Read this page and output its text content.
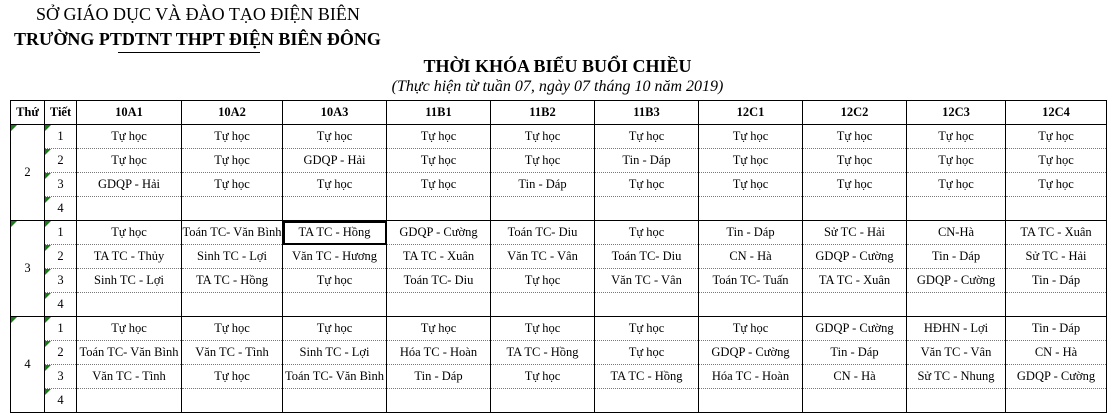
SỞ GIÁO DỤC VÀ ĐÀO TẠO ĐIỆN BIÊN
TRƯỜNG PTDTNT THPT ĐIỆN BIÊN ĐÔNG
THỜI KHÓA BIỂU BUỔI CHIỀU
(Thực hiện từ tuần 07, ngày 07 tháng 10 năm 2019)
Thứ	Tiết	10A1	10A2	10A3	11B1	11B2	11B3	12C1	12C2	12C3	12C4

2	1	Tự học	Tự học	Tự học	Tự học	Tự học	Tự học	Tự học	Tự học	Tự học	Tự học

2	Tự học	Tự học	GDQP - Hải	Tự học	Tự học	Tin - Dáp	Tự học	Tự học	Tự học	Tự học

3	GDQP - Hải	Tự học	Tự học	Tự học	Tin - Dáp	Tự học	Tự học	Tự học	Tự học	Tự học

4										

3	1	Tự học	Toán TC- Văn Bình	TA TC - Hồng	GDQP - Cường	Toán TC- Diu	Tự học	Tin - Dáp	Sử TC - Hải	CN-Hà	TA TC - Xuân

2	TA TC - Thủy	Sinh TC - Lợi	Văn TC - Hương	TA TC - Xuân	Văn TC - Vân	Toán TC- Diu	CN - Hà	GDQP - Cường	Tin - Dáp	Sử TC - Hải

3	Sinh TC - Lợi	TA TC - Hồng	Tự học	Toán TC- Diu	Tự học	Văn TC - Vân	Toán TC- Tuấn	TA TC - Xuân	GDQP - Cường	Tin - Dáp

4										

4	1	Tự học	Tự học	Tự học	Tự học	Tự học	Tự học	Tự học	GDQP - Cường	HĐHN - Lợi	Tin - Dáp

2	Toán TC- Văn Bình	Văn TC - Tình	Sinh TC - Lợi	Hóa TC - Hoàn	TA TC - Hồng	Tự học	GDQP - Cường	Tin - Dáp	Văn TC - Vân	CN - Hà

3	Văn TC - Tình	Tự học	Toán TC- Văn Bình	Tin - Dáp	Tự học	TA TC - Hồng	Hóa TC - Hoàn	CN - Hà	Sử TC - Nhung	GDQP - Cường

4										
